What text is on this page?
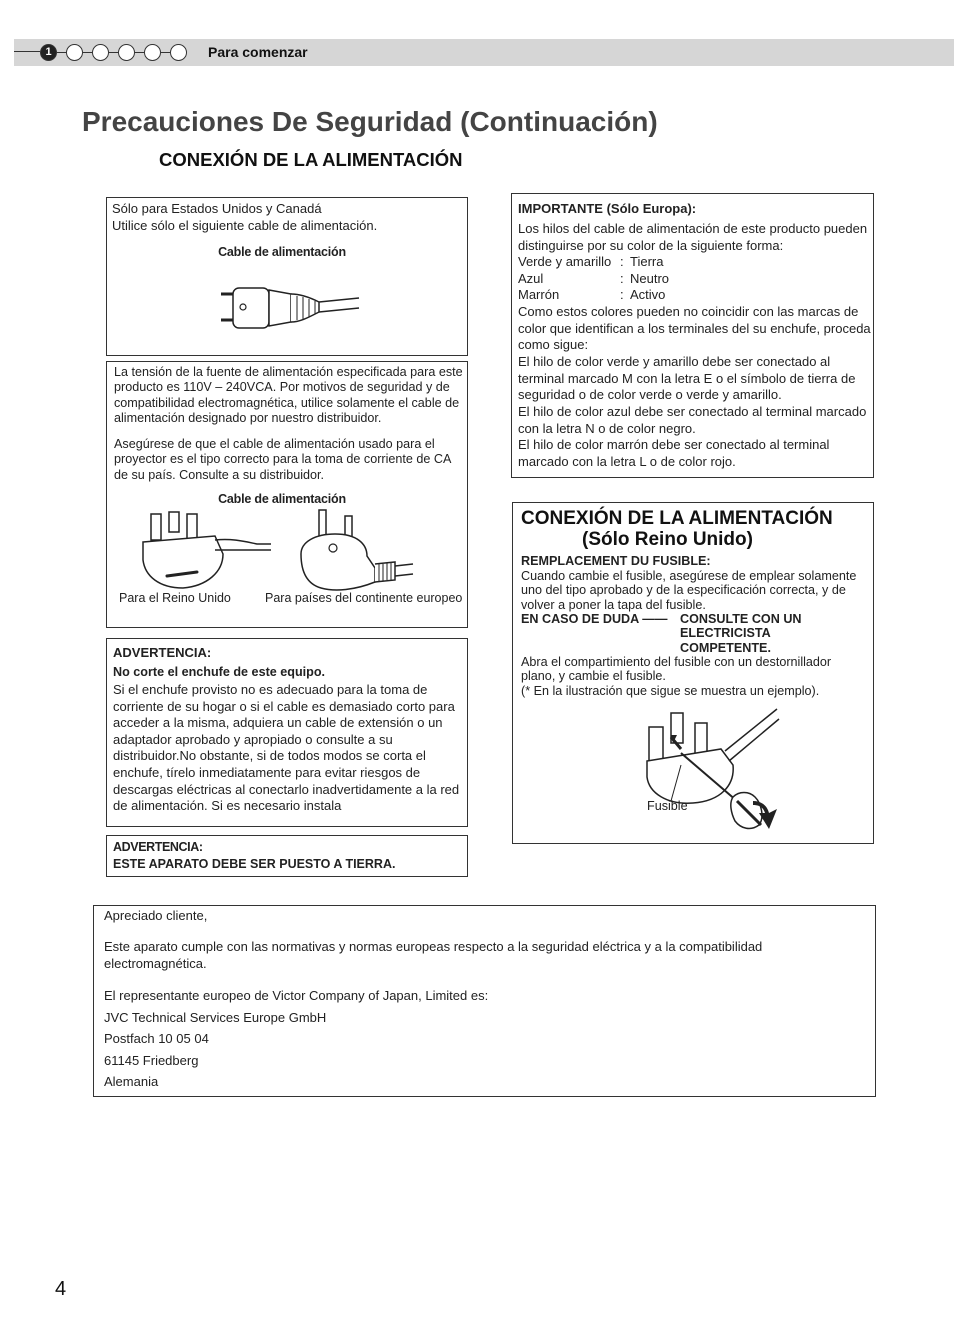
1	Para comenzar
Precauciones De Seguridad (Continuación)
CONEXIÓN DE LA ALIMENTACIÓN
Sólo para Estados Unidos y Canadá
Utilice sólo el siguiente cable de alimentación.
Cable de alimentación
La tensión de la fuente de alimentación especificada para este producto es 110V – 240VCA. Por motivos de seguridad y de compatibilidad electromagnética, utilice solamente el cable de alimentación designado por nuestro distribuidor.
Asegúrese de que el cable de alimentación usado para el proyector es el tipo correcto para la toma de corriente de CA de su país. Consulte a su distribuidor.
Cable de alimentación
Para el Reino Unido	Para países del continente europeo
ADVERTENCIA:
No corte el enchufe de este equipo.
Si el enchufe provisto no es adecuado para la toma de corriente de su hogar o si el cable es demasiado corto para acceder a la misma, adquiera un cable de extensión o un adaptador aprobado y apropiado o consulte a su distribuidor.No obstante, si de todos modos se corta el enchufe, tírelo inmediatamente para evitar riesgos de descargas eléctricas al conectarlo inadvertidamente a la red de alimentación. Si es necesario instala
ADVERTENCIA:
ESTE APARATO DEBE SER PUESTO A TIERRA.
IMPORTANTE (Sólo Europa):
Los hilos del cable de alimentación de este producto pueden distinguirse por su color de la siguiente forma:
Verde y amarillo : Tierra
Azul	: Neutro
Marrón	: Activo
Como estos colores pueden no coincidir con las marcas de color que identifican a los terminales del su enchufe, proceda como sigue:
El hilo de color verde y amarillo debe ser conectado al terminal marcado M con la letra E o el símbolo de tierra de seguridad o de color verde o verde y amarillo.
El hilo de color azul debe ser conectado al terminal marcado con la letra N o de color negro.
El hilo de color marrón debe ser conectado al terminal marcado con la letra L o de color rojo.
CONEXIÓN DE LA ALIMENTACIÓN
(Sólo Reino Unido)
REMPLACEMENT DU FUSIBLE:
Cuando cambie el fusible, asegúrese de emplear solamente uno del tipo aprobado y de la especificación correcta, y de volver a poner la tapa del fusible.
EN CASO DE DUDA —— CONSULTE CON UN ELECTRICISTA COMPETENTE.
Abra el compartimiento del fusible con un destornillador plano, y cambie el fusible.
(* En la ilustración que sigue se muestra un ejemplo).
Fusible
Apreciado cliente,
Este aparato cumple con las normativas y normas europeas respecto a la seguridad eléctrica y a la compatibilidad electromagnética.
El representante europeo de Victor Company of Japan, Limited es:
JVC Technical Services Europe GmbH
Postfach 10 05 04
61145 Friedberg
Alemania
4
